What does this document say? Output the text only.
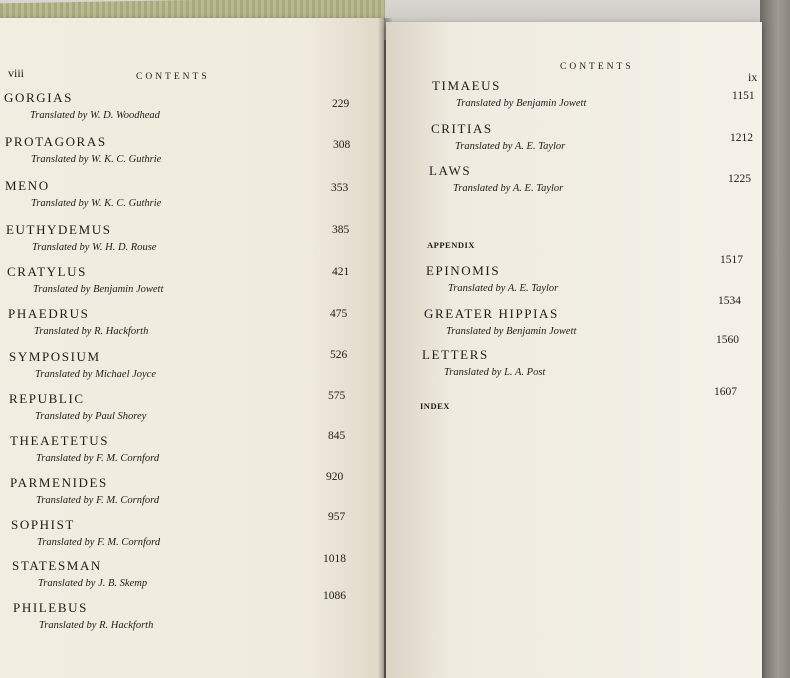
viii	CONTENTS
GORGIAS
Translated by W. D. Woodhead
229
PROTAGORAS
Translated by W. K. C. Guthrie
308
MENO
Translated by W. K. C. Guthrie
353
EUTHYDEMUS
Translated by W. H. D. Rouse
385
CRATYLUS
Translated by Benjamin Jowett
421
PHAEDRUS
Translated by R. Hackforth
475
SYMPOSIUM
Translated by Michael Joyce
526
REPUBLIC
Translated by Paul Shorey
575
THEAETETUS
Translated by F. M. Cornford
845
PARMENIDES
Translated by F. M. Cornford
920
SOPHIST
Translated by F. M. Cornford
957
STATESMAN
Translated by J. B. Skemp
1018
PHILEBUS
Translated by R. Hackforth
1086
CONTENTS
ix
TIMAEUS
Translated by Benjamin Jowett
1151
CRITIAS
Translated by A. E. Taylor
1212
LAWS
Translated by A. E. Taylor
1225
APPENDIX
EPINOMIS
Translated by A. E. Taylor
1517
GREATER HIPPIAS
Translated by Benjamin Jowett
1534
LETTERS
Translated by L. A. Post
1560
INDEX
1607
